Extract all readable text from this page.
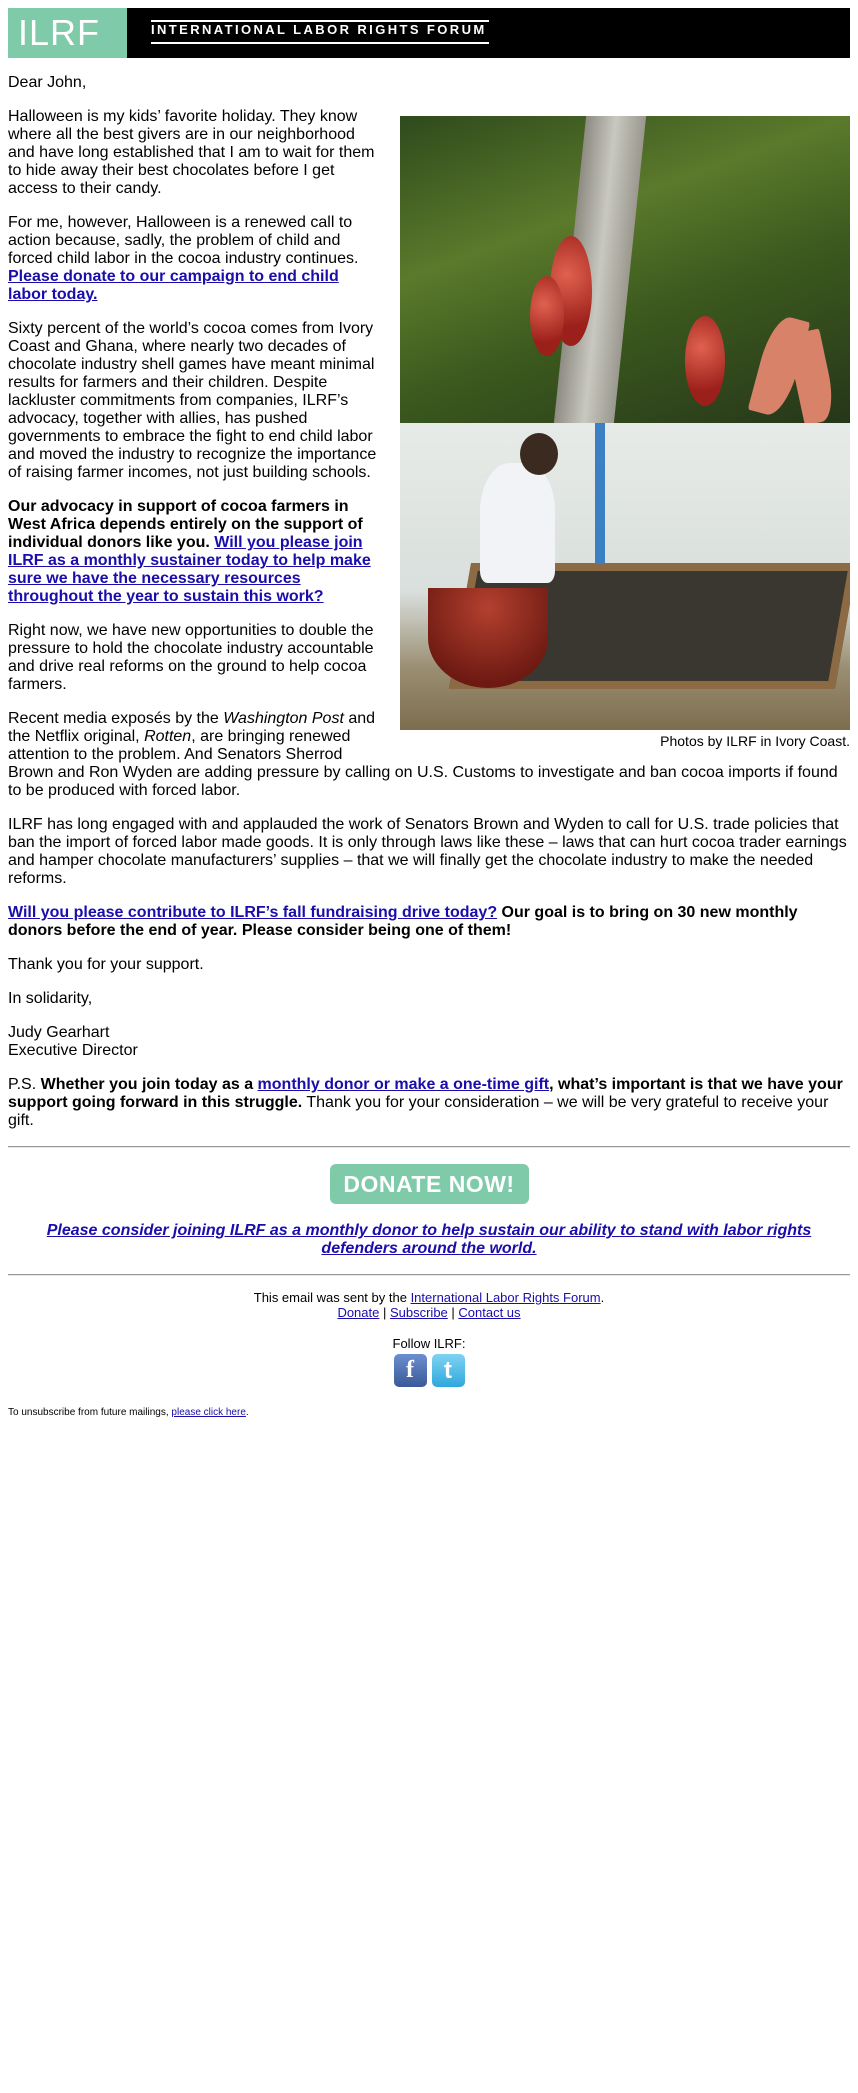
ILRF	INTERNATIONAL LABOR RIGHTS FORUM

Dear John,

Photos by ILRF in Ivory Coast.

Halloween is my kids’ favorite holiday. They know where all the best givers are in our neighborhood and have long established that I am to wait for them to hide away their best chocolates before I get access to their candy.

For me, however, Halloween is a renewed call to action because, sadly, the problem of child and forced child labor in the cocoa industry continues. Please donate to our campaign to end child labor today.

Sixty percent of the world’s cocoa comes from Ivory Coast and Ghana, where nearly two decades of chocolate industry shell games have meant minimal results for farmers and their children. Despite lackluster commitments from companies, ILRF’s advocacy, together with allies, has pushed governments to embrace the fight to end child labor and moved the industry to recognize the importance of raising farmer incomes, not just building schools.

Our advocacy in support of cocoa farmers in West Africa depends entirely on the support of individual donors like you. Will you please join ILRF as a monthly sustainer today to help make sure we have the necessary resources throughout the year to sustain this work?

Right now, we have new opportunities to double the pressure to hold the chocolate industry accountable and drive real reforms on the ground to help cocoa farmers.

Recent media exposés by the Washington Post and the Netflix original, Rotten, are bringing renewed attention to the problem. And Senators Sherrod Brown and Ron Wyden are adding pressure by calling on U.S. Customs to investigate and ban cocoa imports if found to be produced with forced labor.

ILRF has long engaged with and applauded the work of Senators Brown and Wyden to call for U.S. trade policies that ban the import of forced labor made goods. It is only through laws like these – laws that can hurt cocoa trader earnings and hamper chocolate manufacturers’ supplies – that we will finally get the chocolate industry to make the needed reforms.

Will you please contribute to ILRF’s fall fundraising drive today? Our goal is to bring on 30 new monthly donors before the end of year. Please consider being one of them!

Thank you for your support.

In solidarity,

Judy Gearhart
Executive Director

P.S. Whether you join today as a monthly donor or make a one-time gift, what’s important is that we have your support going forward in this struggle. Thank you for your consideration – we will be very grateful to receive your gift.

DONATE NOW!

Please consider joining ILRF as a monthly donor to help sustain our ability to stand with labor rights defenders around the world.

This email was sent by the International Labor Rights Forum.
Donate | Subscribe | Contact us
Follow ILRF:
f	t
To unsubscribe from future mailings, please click here.
